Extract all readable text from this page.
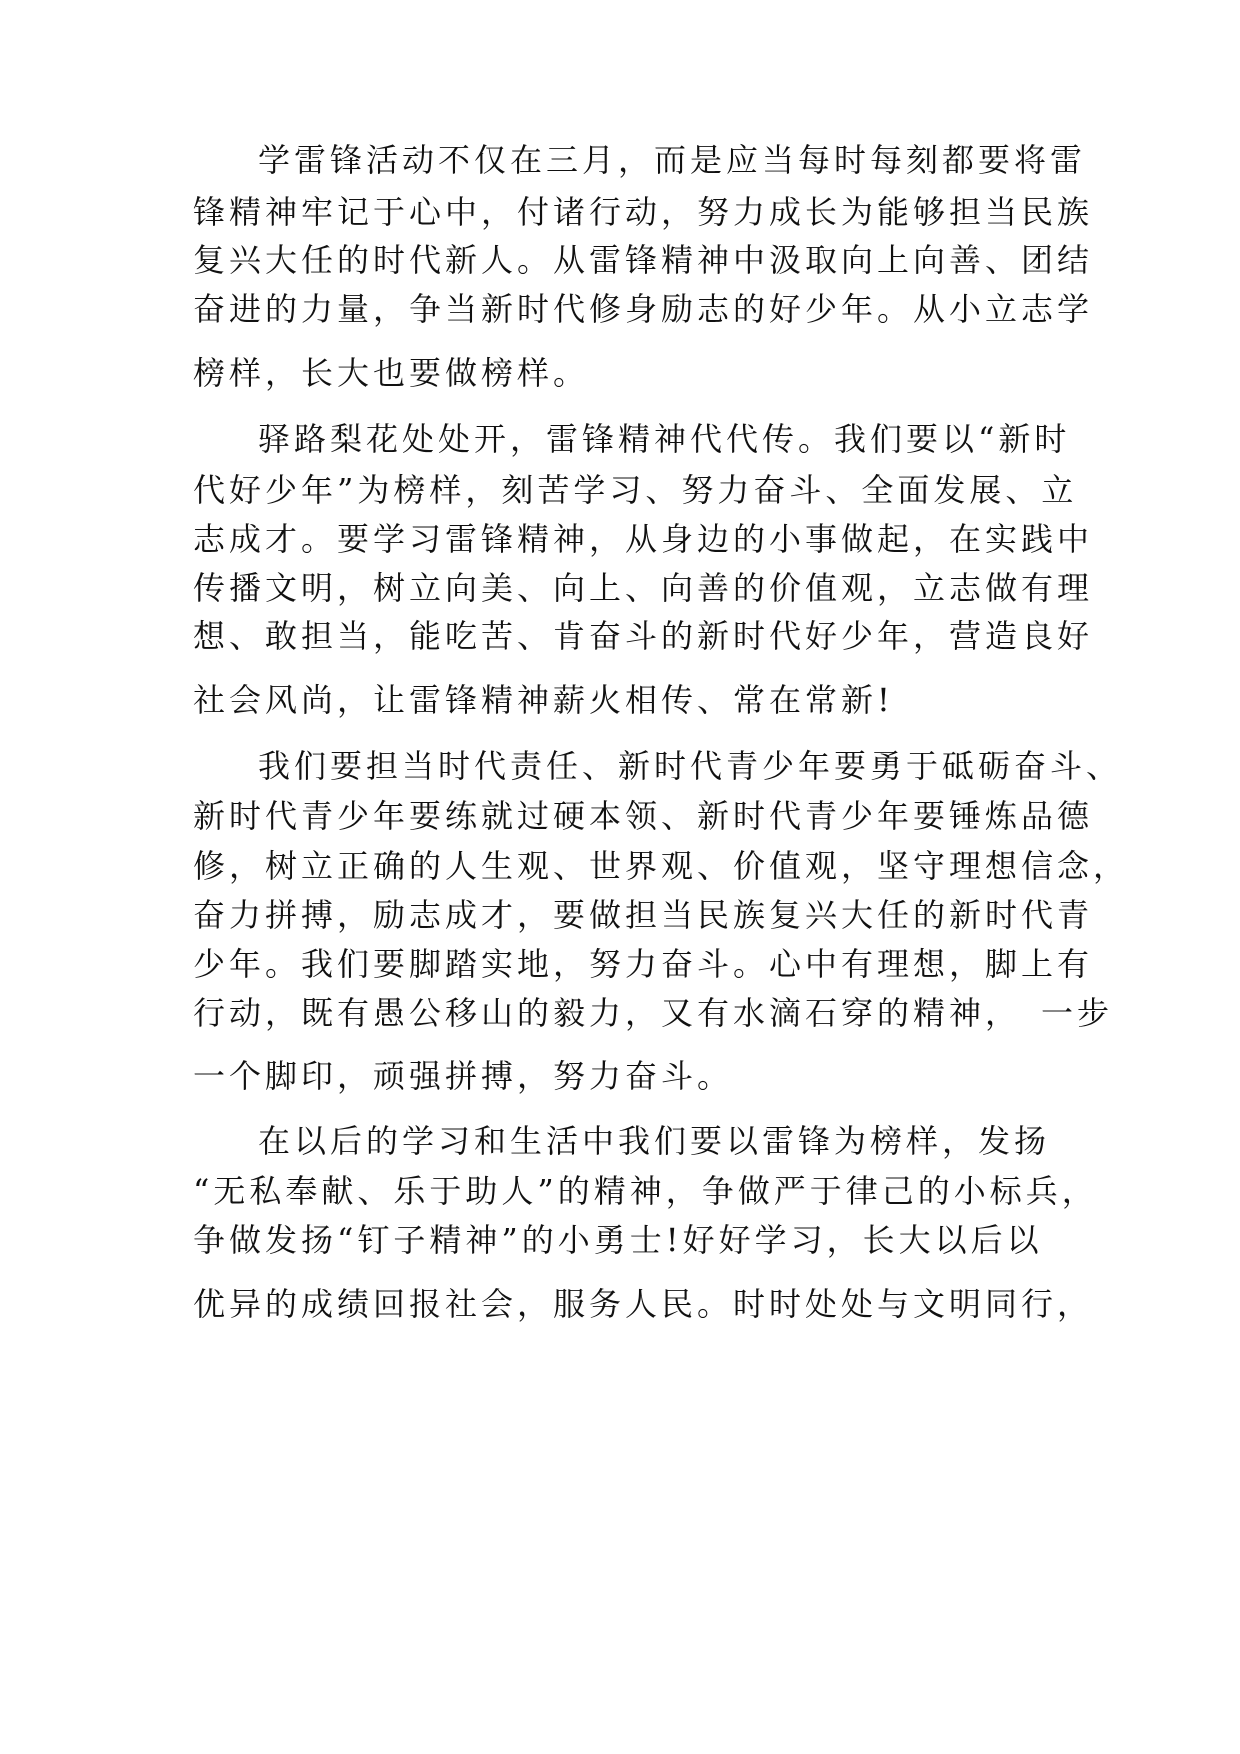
学雷锋活动不仅在三月，而是应当每时每刻都要将雷

锋精神牢记于心中，付诸行动，努力成长为能够担当民族

复兴大任的时代新人。从雷锋精神中汲取向上向善、团结

奋进的力量，争当新时代修身励志的好少年。从小立志学

榜样，长大也要做榜样。

驿路梨花处处开，雷锋精神代代传。我们要以“新时

代好少年”为榜样，刻苦学习、努力奋斗、全面发展、立

志成才。要学习雷锋精神，从身边的小事做起，在实践中

传播文明，树立向美、向上、向善的价值观，立志做有理

想、敢担当，能吃苦、肯奋斗的新时代好少年，营造良好

社会风尚，让雷锋精神薪火相传、常在常新!

我们要担当时代责任、新时代青少年要勇于砥砺奋斗、

新时代青少年要练就过硬本领、新时代青少年要锤炼品德

修，树立正确的人生观、世界观、价值观，坚守理想信念，

奋力拼搏，励志成才，要做担当民族复兴大任的新时代青

少年。我们要脚踏实地，努力奋斗。心中有理想，脚上有

行动，既有愚公移山的毅力，又有水滴石穿的精神，　一步

一个脚印，顽强拼搏，努力奋斗。

在以后的学习和生活中我们要以雷锋为榜样，发扬

“无私奉献、乐于助人”的精神，争做严于律己的小标兵，

争做发扬“钉子精神”的小勇士!好好学习，长大以后以

优异的成绩回报社会，服务人民。时时处处与文明同行，
